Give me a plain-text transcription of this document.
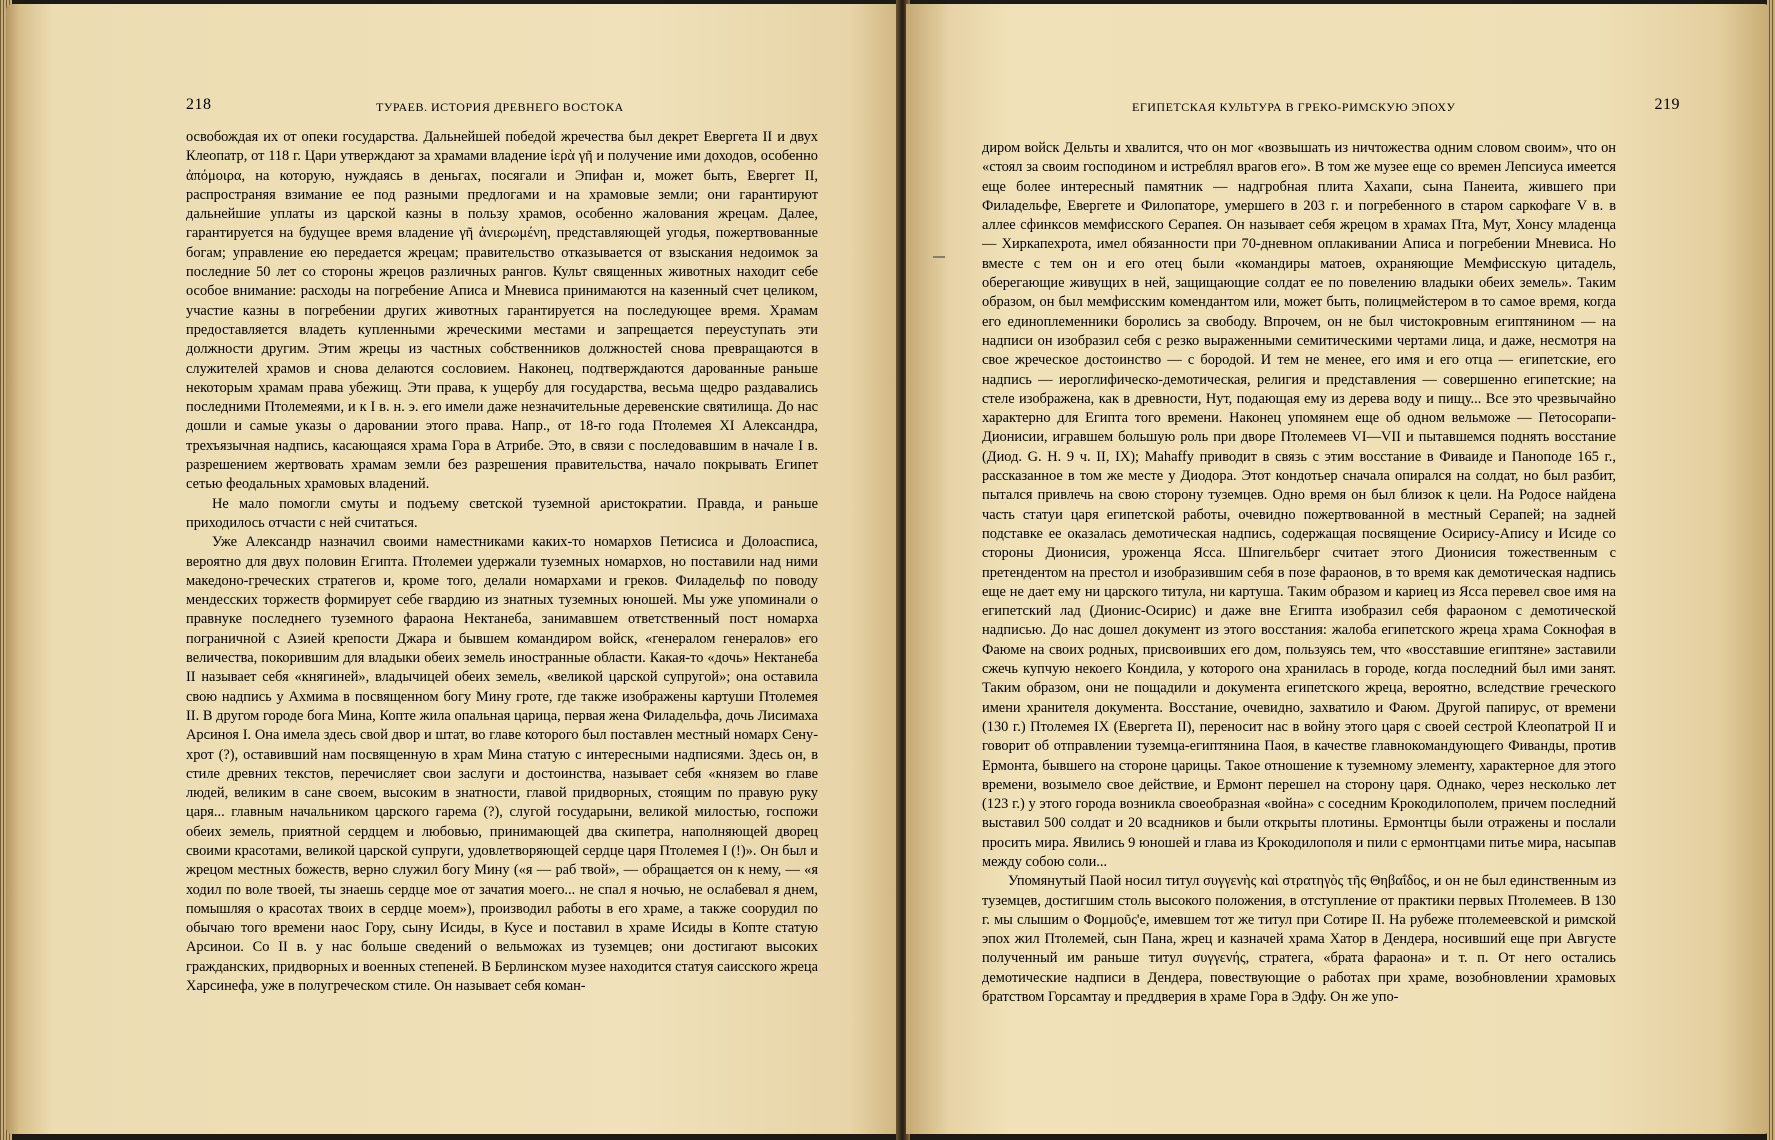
218	ТУРАЕВ. ИСТОРИЯ ДРЕВНЕГО ВОСТОКА

освобождая их от опеки государства. Дальнейшей победой жречества был декрет Евергета II и двух Клеопатр, от 118 г. Цари утверждают за храмами владение ἱερὰ γῆ и получение ими доходов, особенно ἀπόμοιρα, на которую, нуждаясь в деньгах, посягали и Эпифан и, может быть, Евергет II, распространяя взимание ее под разными предлогами и на храмовые земли; они гарантируют дальнейшие уплаты из царской казны в пользу храмов, особенно жалования жрецам. Далее, гарантируется на будущее время владение γῆ ἀνιερωμένη, представляющей угодья, пожертвованные богам; управление ею передается жрецам; правительство отказывается от взыскания недоимок за последние 50 лет со стороны жрецов различных рангов. Культ священных животных находит себе особое внимание: расходы на погребение Аписа и Мневиса принимаются на казенный счет целиком, участие казны в погребении других животных гарантируется на последующее время. Храмам предоставляется владеть купленными жреческими местами и запрещается переуступать эти должности другим. Этим жрецы из частных собственников должностей снова превращаются в служителей храмов и снова делаются сословием. Наконец, подтверждаются дарованные раньше некоторым храмам права убежищ. Эти права, к ущербу для государства, весьма щедро раздавались последними Птолемеями, и к I в. н. э. его имели даже незначительные деревенские святилища. До нас дошли и самые указы о даровании этого права. Напр., от 18-го года Птолемея XI Александра, трехъязычная надпись, касающаяся храма Гора в Атрибе. Это, в связи с последовавшим в начале I в. разрешением жертвовать храмам земли без разрешения правительства, начало покрывать Египет сетью феодальных храмовых владений.

Не мало помогли смуты и подъему светской туземной аристократии. Правда, и раньше приходилось отчасти с ней считаться.

Уже Александр назначил своими наместниками каких-то номархов Петисиса и Долоасписа, вероятно для двух половин Египта. Птолемеи удержали туземных номархов, но поставили над ними македоно-греческих стратегов и, кроме того, делали номархами и греков. Филадельф по поводу мендесских торжеств формирует себе гвардию из знатных туземных юношей. Мы уже упоминали о правнуке последнего туземного фараона Нектанеба, занимавшем ответственный пост номарха пограничной с Азией крепости Джара и бывшем командиром войск, «генералом генералов» его величества, покорившим для владыки обеих земель иностранные области. Какая-то «дочь» Нектанеба II называет себя «княгиней», владычицей обеих земель, «великой царской супругой»; она оставила свою надпись у Ахмима в посвященном богу Мину гроте, где также изображены картуши Птолемея II. В другом городе бога Мина, Копте жила опальная царица, первая жена Филадельфа, дочь Лисимаха Арсиноя I. Она имела здесь свой двор и штат, во главе которого был поставлен местный номарх Сену-хрот (?), оставивший нам посвященную в храм Мина статую с интересными надписями. Здесь он, в стиле древних текстов, перечисляет свои заслуги и достоинства, называет себя «князем во главе людей, великим в сане своем, высоким в знатности, главой придворных, стоящим по правую руку царя... главным начальником царского гарема (?), слугой государыни, великой милостью, госпожи обеих земель, приятной сердцем и любовью, принимающей два скипетра, наполняющей дворец своими красотами, великой царской супруги, удовлетворяющей сердце царя Птолемея I (!)». Он был и жрецом местных божеств, верно служил богу Мину («я — раб твой», — обращается он к нему, — «я ходил по воле твоей, ты знаешь сердце мое от зачатия моего... не спал я ночью, не ослабевал я днем, помышляя о красотах твоих в сердце моем»), производил работы в его храме, а также соорудил по обычаю того времени наос Гору, сыну Исиды, в Кусе и поставил в храме Исиды в Копте статую Арсинои. Со II в. у нас больше сведений о вельможах из туземцев; они достигают высоких гражданских, придворных и военных степеней. В Берлинском музее находится статуя саисского жреца Харсинефа, уже в полугреческом стиле. Он называет себя коман-

ЕГИПЕТСКАЯ КУЛЬТУРА В ГРЕКО-РИМСКУЮ ЭПОХУ	219

диром войск Дельты и хвалится, что он мог «возвышать из ничтожества одним словом своим», что он «стоял за своим господином и истреблял врагов его». В том же музее еще со времен Лепсиуса имеется еще более интересный памятник — надгробная плита Хахапи, сына Панеита, жившего при Филадельфе, Евергете и Филопаторе, умершего в 203 г. и погребенного в старом саркофаге V в. в аллее сфинксов мемфисского Серапея. Он называет себя жрецом в храмах Пта, Мут, Хонсу младенца — Хиркапехрота, имел обязанности при 70-дневном оплакивании Аписа и погребении Мневиса. Но вместе с тем он и его отец были «командиры матоев, охраняющие Мемфисскую цитадель, оберегающие живущих в ней, защищающие солдат ее по повелению владыки обеих земель». Таким образом, он был мемфисским комендантом или, может быть, полицмейстером в то самое время, когда его единоплеменники боролись за свободу. Впрочем, он не был чистокровным египтянином — на надписи он изобразил себя с резко выраженными семитическими чертами лица, и даже, несмотря на свое жреческое достоинство — с бородой. И тем не менее, его имя и его отца — египетские, его надпись — иероглифическо-демотическая, религия и представления — совершенно египетские; на стеле изображена, как в древности, Нут, подающая ему из дерева воду и пищу... Все это чрезвычайно характерно для Египта того времени. Наконец упомянем еще об одном вельможе — Петосорапи-Дионисии, игравшем большую роль при дворе Птолемеев VI—VII и пытавшемся поднять восстание (Диод. G. Н. 9 ч. II, IX); Mahaffy приводит в связь с этим восстание в Фиваиде и Паноподе 165 г., рассказанное в том же месте у Диодора. Этот кондотьер сначала опирался на солдат, но был разбит, пытался привлечь на свою сторону туземцев. Одно время он был близок к цели. На Родосе найдена часть статуи царя египетской работы, очевидно пожертвованной в местный Серапей; на задней подставке ее оказалась демотическая надпись, содержащая посвящение Осирису-Апису и Исиде со стороны Дионисия, уроженца Ясса. Шпигельберг считает этого Дионисия тожественным с претендентом на престол и изобразившим себя в позе фараонов, в то время как демотическая надпись еще не дает ему ни царского титула, ни картуша. Таким образом и кариец из Ясса перевел свое имя на египетский лад (Дионис-Осирис) и даже вне Египта изобразил себя фараоном с демотической надписью. До нас дошел документ из этого восстания: жалоба египетского жреца храма Сокнофая в Фаюме на своих родных, присвоивших его дом, пользуясь тем, что «восставшие египтяне» заставили сжечь купчую некоего Кондила, у которого она хранилась в городе, когда последний был ими занят. Таким образом, они не пощадили и документа египетского жреца, вероятно, вследствие греческого имени хранителя документа. Восстание, очевидно, захватило и Фаюм. Другой папирус, от времени (130 г.) Птолемея IX (Евергета II), переносит нас в войну этого царя с своей сестрой Клеопатрой II и говорит об отправлении туземца-египтянина Паоя, в качестве главнокомандующего Фиванды, против Ермонта, бывшего на стороне царицы. Такое отношение к туземному элементу, характерное для этого времени, возымело свое действие, и Ермонт перешел на сторону царя. Однако, через несколько лет (123 г.) у этого города возникла своеобразная «война» с соседним Крокодилополем, причем последний выставил 500 солдат и 20 всадников и были открыты плотины. Ермонтцы были отражены и послали просить мира. Явились 9 юношей и глава из Крокодилополя и пили с ермонтцами питье мира, насыпав между собою соли...

Упомянутый Паой носил титул συγγενὴς καὶ στρατηγὸς τῆς Θηβαΐδος, и он не был единственным из туземцев, достигшим столь высокого положения, в отступление от практики первых Птолемеев. В 130 г. мы слышим о Φομμοῦς'е, имевшем тот же титул при Сотире II. На рубеже птолемеевской и римской эпох жил Птолемей, сын Пана, жрец и казначей храма Хатор в Дендера, носивший еще при Августе полученный им раньше титул συγγενής, стратега, «брата фараона» и т. п. От него остались демотические надписи в Дендера, повествующие о работах при храме, возобновлении храмовых братством Горсамтау и преддверия в храме Гора в Эдфу. Он же упо-
